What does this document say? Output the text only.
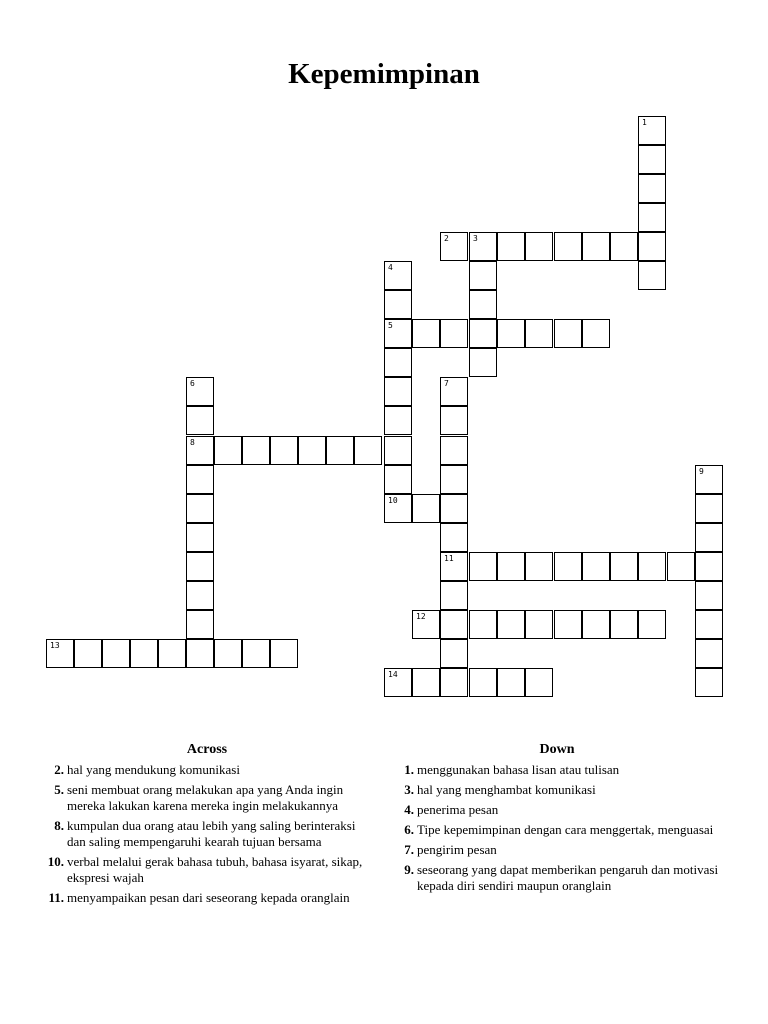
Kepemimpinan
1
2	3
4
5
6
8
7
11
9
10
12
13
14
Across
2. hal yang mendukung komunikasi
5. seni membuat orang melakukan apa yang Anda ingin mereka lakukan karena mereka ingin melakukannya
8. kumpulan dua orang atau lebih yang saling berinteraksi dan saling mempengaruhi kearah tujuan bersama
10. verbal melalui gerak bahasa tubuh, bahasa isyarat, sikap, ekspresi wajah
11. menyampaikan pesan dari seseorang kepada oranglain
Down
1. menggunakan bahasa lisan atau tulisan
3. hal yang menghambat komunikasi
4. penerima pesan
6. Tipe kepemimpinan dengan cara menggertak, menguasai
7. pengirim pesan
9. seseorang yang dapat memberikan pengaruh dan motivasi kepada diri sendiri maupun oranglain
